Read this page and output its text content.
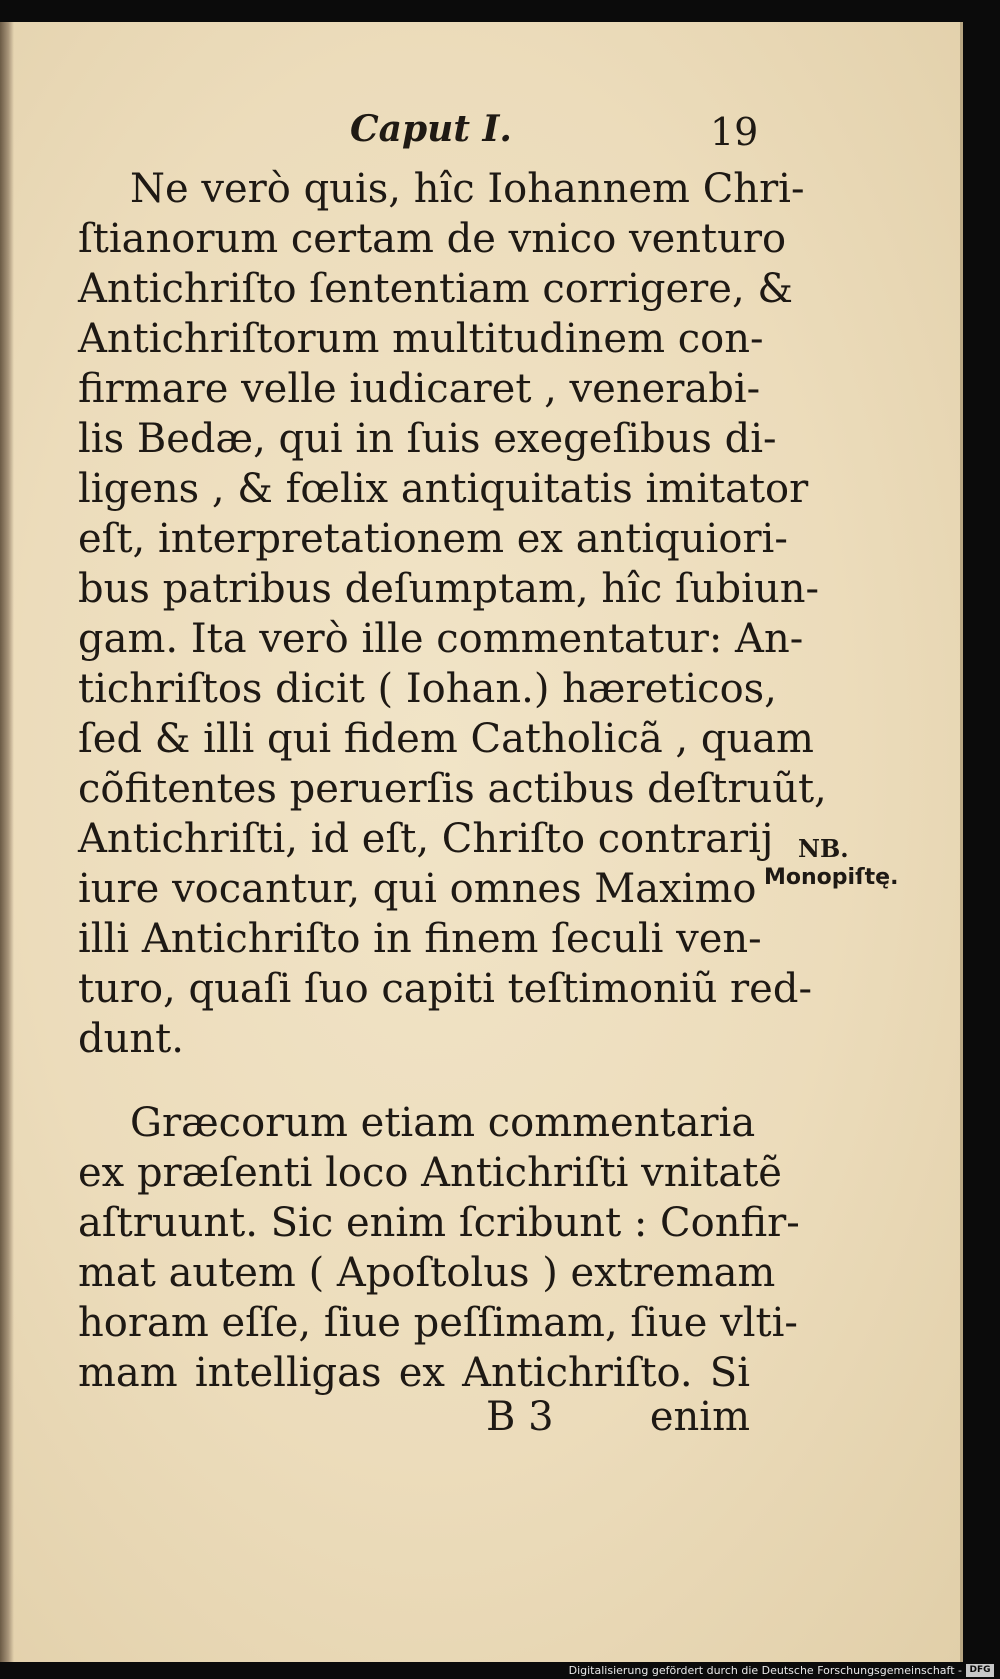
Caput I.	19
Ne verò quis, hîc Iohannem Chri-
ſtianorum certam de vnico venturo
Antichriſto ſententiam corrigere, &
Antichriſtorum multitudinem con-
firmare velle iudicaret , venerabi-
lis Bedæ, qui in ſuis exegeſibus di-
ligens , & fœlix antiquitatis imitator
eſt, interpretationem ex antiquiori-
bus patribus deſumptam, hîc ſubiun-
gam. Ita verò ille commentatur: An-
tichriſtos dicit ( Iohan.) hæreticos,
ſed & illi qui fidem Catholicã , quam
cõfitentes peruerſis actibus deſtruũt,
Antichriſti, id eſt, Chriſto contrarij
iure vocantur, qui omnes Maximo
illi Antichriſto in finem ſeculi ven-
turo, quaſi ſuo capiti teſtimoniũ red-
dunt.
Græcorum etiam commentaria
ex præſenti loco Antichriſti vnitatẽ
aſtruunt. Sic enim ſcribunt : Confir-
mat autem ( Apoſtolus ) extremam
horam eſſe, ſiue peſſimam, ſiue vlti-
mam intelligas ex Antichriſto. Si
NB.
Monopiſtę.
B 3 enim
Digitalisierung gefördert durch die Deutsche Forschungsgemeinschaft - DFG
